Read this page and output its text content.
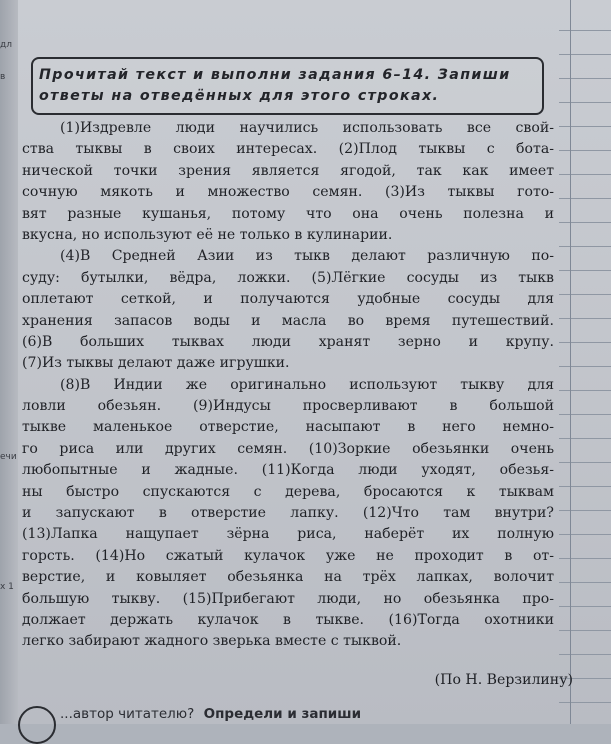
дл
в
ечи
х 1
Прочитай текст и выполни задания 6–14. Запиши
ответы на отведённых для этого строках.
(1)Издревле люди научились использовать все свой-
ства тыквы в своих интересах. (2)Плод тыквы с бота-
нической точки зрения является ягодой, так как имеет
сочную мякоть и множество семян. (3)Из тыквы гото-
вят разные кушанья, потому что она очень полезна и
вкусна, но используют её не только в кулинарии.
(4)В Средней Азии из тыкв делают различную по-
суду: бутылки, вёдра, ложки. (5)Лёгкие сосуды из тыкв
оплетают сеткой, и получаются удобные сосуды для
хранения запасов воды и масла во время путешествий.
(6)В больших тыквах люди хранят зерно и крупу.
(7)Из тыквы делают даже игрушки.
(8)В Индии же оригинально используют тыкву для
ловли обезьян. (9)Индусы просверливают в большой
тыкве маленькое отверстие, насыпают в него немно-
го риса или других семян. (10)Зоркие обезьянки очень
любопытные и жадные. (11)Когда люди уходят, обезья-
ны быстро спускаются с дерева, бросаются к тыквам
и запускают в отверстие лапку. (12)Что там внутри?
(13)Лапка нащупает зёрна риса, наберёт их полную
горсть. (14)Но сжатый кулачок уже не проходит в от-
верстие, и ковыляет обезьянка на трёх лапках, волочит
большую тыкву. (15)Прибегают люди, но обезьянка про-
должает держать кулачок в тыкве. (16)Тогда охотники
легко забирают жадного зверька вместе с тыквой.
(По Н. Верзилину)
...автор читателю? Определи и запиши
